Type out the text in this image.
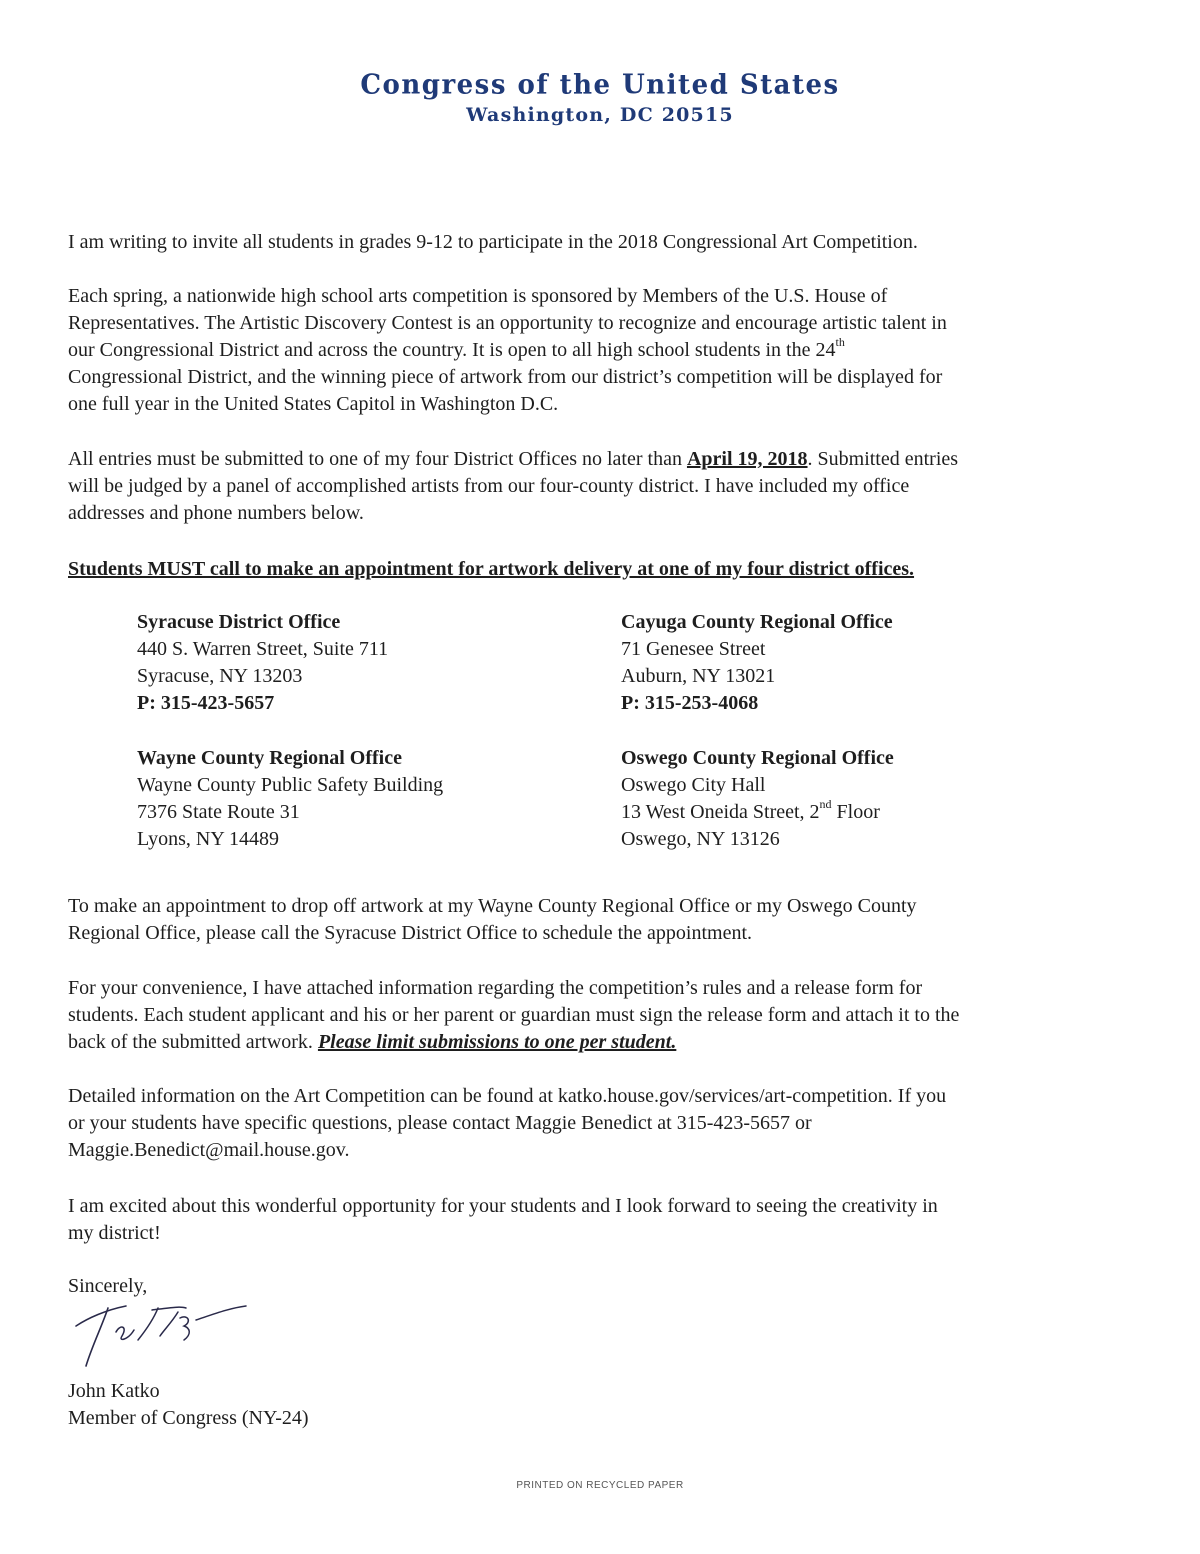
Congress of the United States
Washington, DC 20515

I am writing to invite all students in grades 9-12 to participate in the 2018 Congressional Art Competition.

Each spring, a nationwide high school arts competition is sponsored by Members of the U.S. House of
Representatives. The Artistic Discovery Contest is an opportunity to recognize and encourage artistic talent in
our Congressional District and across the country. It is open to all high school students in the 24th
Congressional District, and the winning piece of artwork from our district’s competition will be displayed for
one full year in the United States Capitol in Washington D.C.

All entries must be submitted to one of my four District Offices no later than April 19, 2018. Submitted entries
will be judged by a panel of accomplished artists from our four-county district. I have included my office
addresses and phone numbers below.

Students MUST call to make an appointment for artwork delivery at one of my four district offices.

Syracuse District Office
440 S. Warren Street, Suite 711
Syracuse, NY 13203
P: 315-423-5657
Cayuga County Regional Office
71 Genesee Street
Auburn, NY 13021
P: 315-253-4068
Wayne County Regional Office
Wayne County Public Safety Building
7376 State Route 31
Lyons, NY 14489
Oswego County Regional Office
Oswego City Hall
13 West Oneida Street, 2nd Floor
Oswego, NY 13126

To make an appointment to drop off artwork at my Wayne County Regional Office or my Oswego County
Regional Office, please call the Syracuse District Office to schedule the appointment.

For your convenience, I have attached information regarding the competition’s rules and a release form for
students. Each student applicant and his or her parent or guardian must sign the release form and attach it to the
back of the submitted artwork. Please limit submissions to one per student.

Detailed information on the Art Competition can be found at katko.house.gov/services/art-competition. If you
or your students have specific questions, please contact Maggie Benedict at 315-423-5657 or
Maggie.Benedict@mail.house.gov.

I am excited about this wonderful opportunity for your students and I look forward to seeing the creativity in
my district!

Sincerely,

John Katko
Member of Congress (NY-24)

PRINTED ON RECYCLED PAPER
